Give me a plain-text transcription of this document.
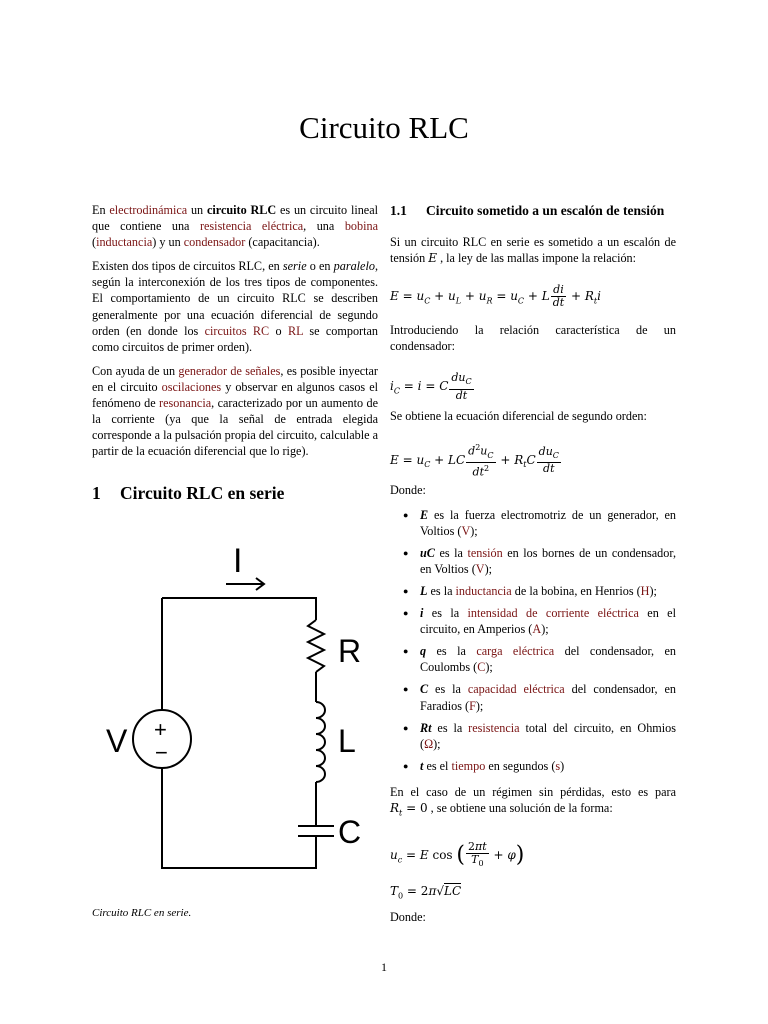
Circuito RLC

En electrodinámica un circuito RLC es un circuito lineal que contiene una resistencia eléctrica, una bobina (inductancia) y un condensador (capacitancia).

Existen dos tipos de circuitos RLC, en serie o en paralelo, según la interconexión de los tres tipos de componentes. El comportamiento de un circuito RLC se describen generalmente por una ecuación diferencial de segundo orden (en donde los circuitos RC o RL se comportan como circuitos de primer orden).

Con ayuda de un generador de señales, es posible inyectar en el circuito oscilaciones y observar en algunos casos el fenómeno de resonancia, caracterizado por un aumento de la corriente (ya que la señal de entrada elegida corresponde a la pulsación propia del circuito, calculable a partir de la ecuación diferencial que lo rige).

1 Circuito RLC en serie
I
R
L
C
V +
−
Circuito RLC en serie.
1.1	Circuito sometido a un escalón de tensión

Si un circuito RLC en serie es sometido a un escalón de tensión E , la ley de las mallas impone la relación:

$E = u_C + u_L + u_R = u_C + L \frac{di}{dt} + R_ti$

Introduciendo la relación característica de un condensador:

$i_C = i = C \frac{du_C}{dt}$

Se obtiene la ecuación diferencial de segundo orden:

$E = u_C$ + LC $\frac{d^2u_C}{dt^2} + R_tC \frac{du_C}{dt}$

Donde:

● E es la fuerza electromotriz de un generador, en Voltios (V);
● uC es la tensión en los bornes de un condensador, en Voltios (V);
● L es la inductancia de la bobina, en Henrios (H);
● i es la intensidad de corriente eléctrica en el circuito, en Amperios (A);
● q es la carga eléctrica del condensador, en Coulombs (C);
● C es la capacidad eléctrica del condensador, en Faradios (F);
● Rt es la resistencia total del circuito, en Ohmios (Ω);
● t es el tiempo en segundos (s)

En el caso de un régimen sin pérdidas, esto es para $R_t = 0$ , se obtiene una solución de la forma:

$u_c = E$ cos ( $\frac{2\pi t}{T_0} + \varphi$)
$T_0 = 2\pi√LC$

Donde:

1
